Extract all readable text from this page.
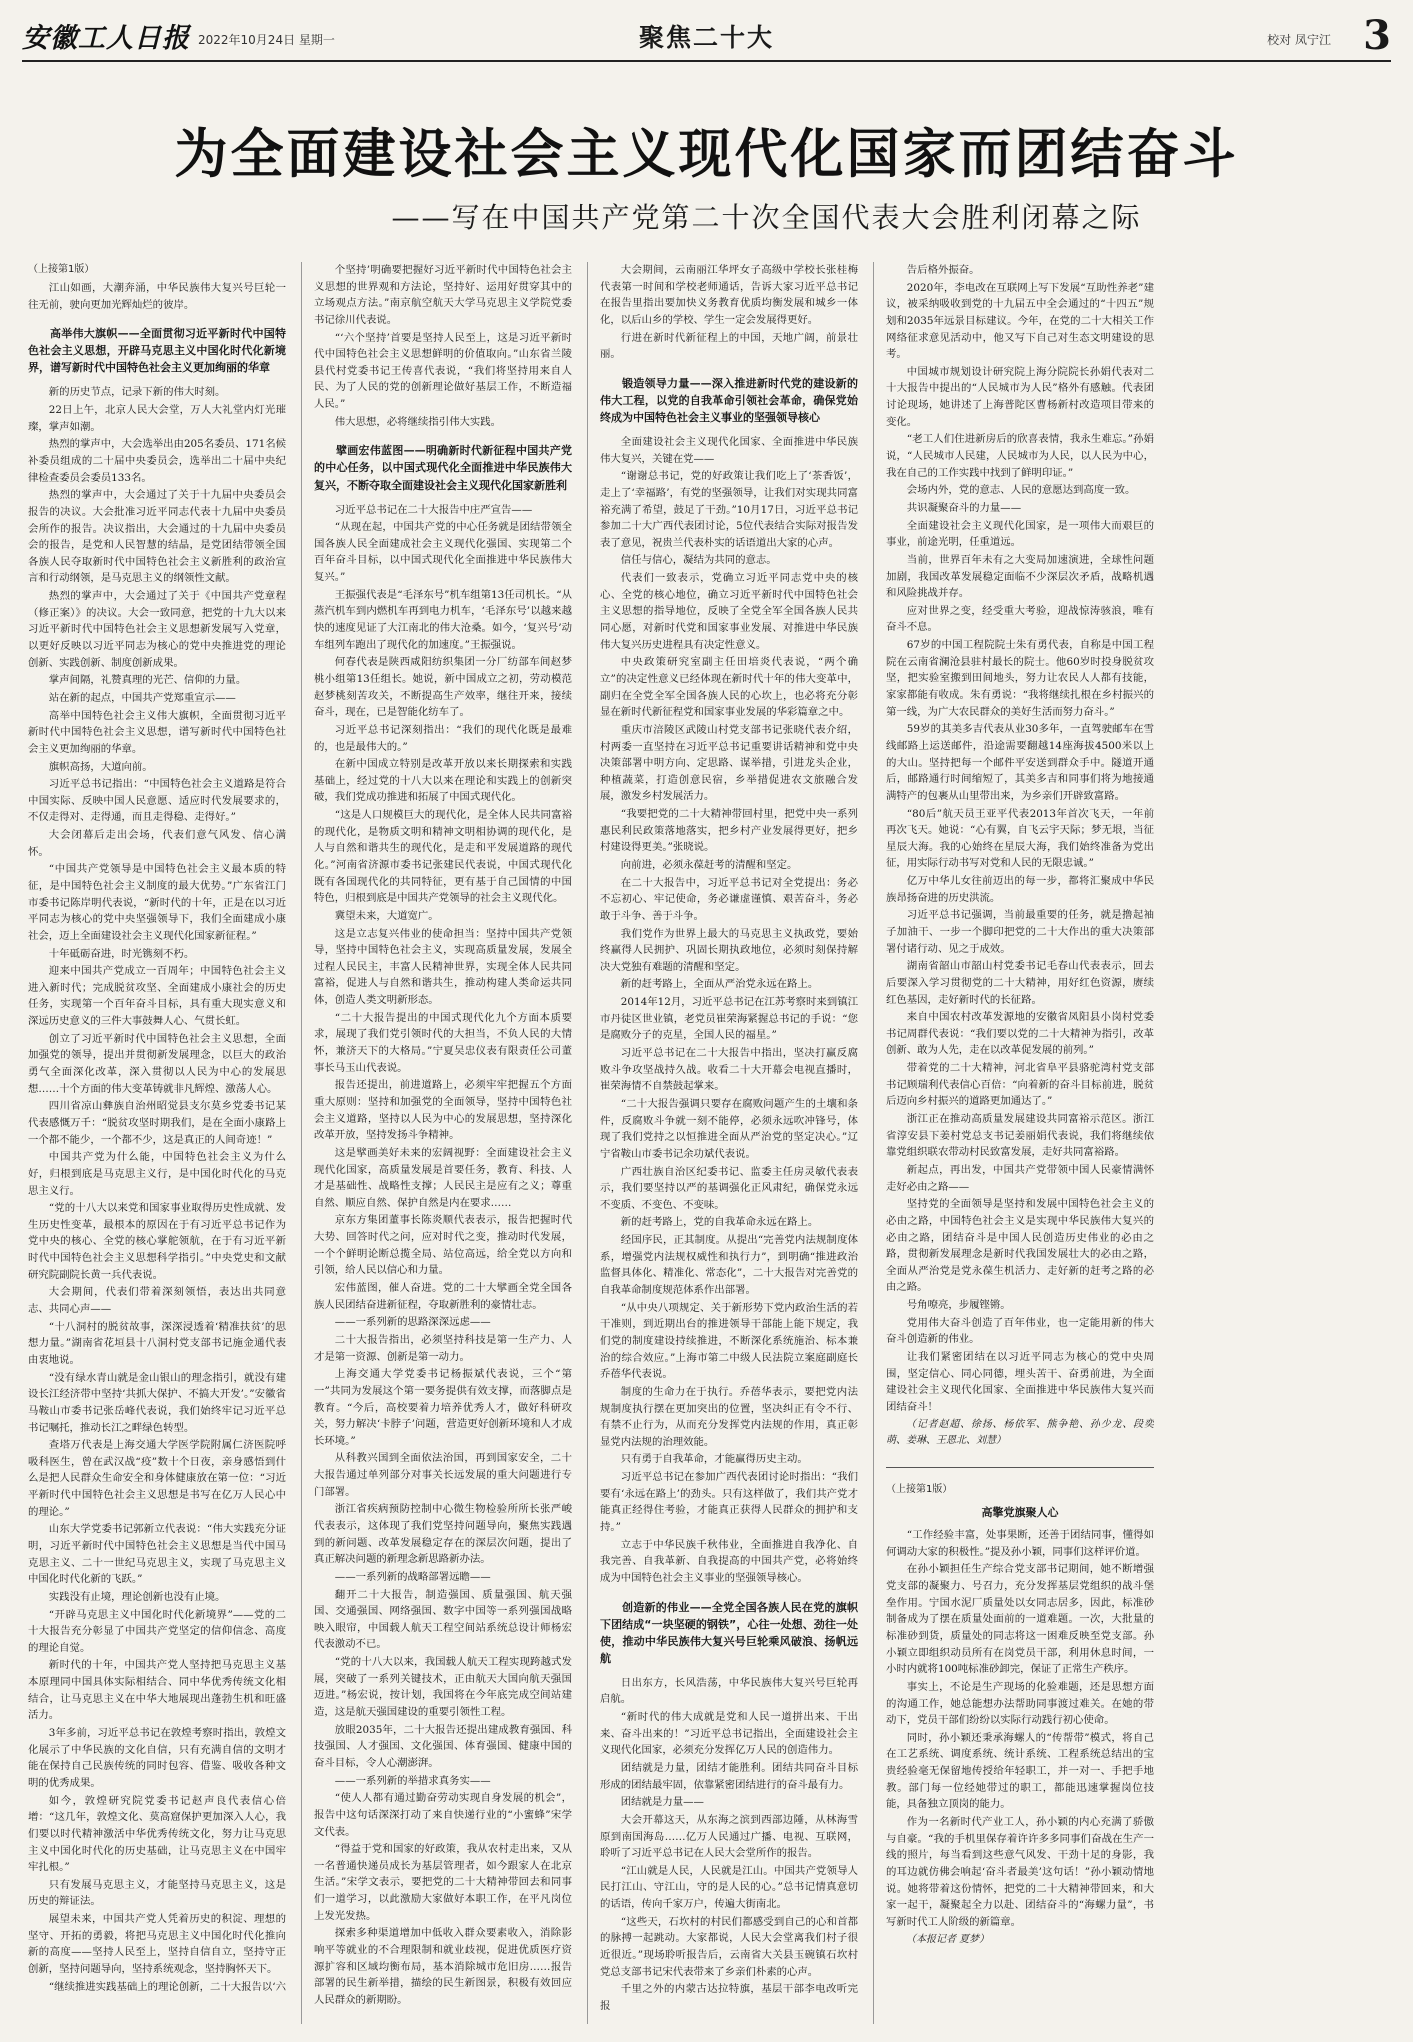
安徽工人日报 2022年10月24日 星期一	聚焦二十大	校对 凤宁江 3
为全面建设社会主义现代化国家而团结奋斗
——写在中国共产党第二十次全国代表大会胜利闭幕之际

（上接第1版）

江山如画，大潮奔涌，中华民族伟大复兴号巨轮一往无前，驶向更加光辉灿烂的彼岸。

高举伟大旗帜——全面贯彻习近平新时代中国特色社会主义思想，开辟马克思主义中国化时代化新境界，谱写新时代中国特色社会主义更加绚丽的华章

新的历史节点，记录下新的伟大时刻。

22日上午，北京人民大会堂，万人大礼堂内灯光璀璨，掌声如潮。

热烈的掌声中，大会选举出由205名委员、171名候补委员组成的二十届中央委员会，选举出二十届中央纪律检查委员会委员133名。

热烈的掌声中，大会通过了关于十九届中央委员会报告的决议。大会批准习近平同志代表十九届中央委员会所作的报告。决议指出，大会通过的十九届中央委员会的报告，是党和人民智慧的结晶，是党团结带领全国各族人民夺取新时代中国特色社会主义新胜利的政治宣言和行动纲领，是马克思主义的纲领性文献。

热烈的掌声中，大会通过了关于《中国共产党章程（修正案）》的决议。大会一致同意，把党的十九大以来习近平新时代中国特色社会主义思想新发展写入党章，以更好反映以习近平同志为核心的党中央推进党的理论创新、实践创新、制度创新成果。

掌声间隔，礼赞真理的光芒、信仰的力量。

站在新的起点，中国共产党郑重宣示——

高举中国特色社会主义伟大旗帜，全面贯彻习近平新时代中国特色社会主义思想，谱写新时代中国特色社会主义更加绚丽的华章。

旗帜高扬，大道向前。

习近平总书记指出：“中国特色社会主义道路是符合中国实际、反映中国人民意愿、适应时代发展要求的，不仅走得对、走得通，而且走得稳、走得好。”

大会闭幕后走出会场，代表们意气风发、信心满怀。

“中国共产党领导是中国特色社会主义最本质的特征，是中国特色社会主义制度的最大优势。”广东省江门市委书记陈岸明代表说，“新时代的十年，正是在以习近平同志为核心的党中央坚强领导下，我们全面建成小康社会，迈上全面建设社会主义现代化国家新征程。”

十年砥砺奋进，时光镌刻不朽。

迎来中国共产党成立一百周年；中国特色社会主义进入新时代；完成脱贫攻坚、全面建成小康社会的历史任务，实现第一个百年奋斗目标，具有重大现实意义和深远历史意义的三件大事鼓舞人心、气贯长虹。

创立了习近平新时代中国特色社会主义思想，全面加强党的领导，提出并贯彻新发展理念，以巨大的政治勇气全面深化改革，深入贯彻以人民为中心的发展思想……十个方面的伟大变革铸就非凡辉煌、激荡人心。

四川省凉山彝族自治州昭觉县支尔莫乡党委书记某代表感慨万千：“脱贫攻坚时期我们，是在全面小康路上一个都不能少，一个都不少，这是真正的人间奇迹！”

中国共产党为什么能，中国特色社会主义为什么好，归根到底是马克思主义行，是中国化时代化的马克思主义行。

“党的十八大以来党和国家事业取得历史性成就、发生历史性变革，最根本的原因在于有习近平总书记作为党中央的核心、全党的核心掌舵领航，在于有习近平新时代中国特色社会主义思想科学指引。”中央党史和文献研究院副院长黄一兵代表说。

大会期间，代表们带着深刻领悟，表达出共同意志、共同心声——

“十八洞村的脱贫故事，深深浸透着‘精准扶贫’的思想力量。”湖南省花垣县十八洞村党支部书记施金通代表由衷地说。

“没有绿水青山就是金山银山的理念指引，就没有建设长江经济带中坚持‘共抓大保护、不搞大开发’。”安徽省马鞍山市委书记张岳峰代表说，我们始终牢记习近平总书记嘱托，推动长江之畔绿色转型。

查塔万代表是上海交通大学医学院附属仁济医院呼吸科医生，曾在武汉战“疫”数十个日夜，亲身感悟到什么是把人民群众生命安全和身体健康放在第一位：“习近平新时代中国特色社会主义思想是书写在亿万人民心中的理论。”

山东大学党委书记郭新立代表说：“伟大实践充分证明，习近平新时代中国特色社会主义思想是当代中国马克思主义、二十一世纪马克思主义，实现了马克思主义中国化时代化新的飞跃。”

实践没有止境，理论创新也没有止境。

“开辟马克思主义中国化时代化新境界”——党的二十大报告充分彰显了中国共产党坚定的信仰信念、高度的理论自觉。

新时代的十年，中国共产党人坚持把马克思主义基本原理同中国具体实际相结合、同中华优秀传统文化相结合，让马克思主义在中华大地展现出蓬勃生机和旺盛活力。

3年多前，习近平总书记在敦煌考察时指出，敦煌文化展示了中华民族的文化自信，只有充满自信的文明才能在保持自己民族传统的同时包容、借鉴、吸收各种文明的优秀成果。

如今，敦煌研究院党委书记赵声良代表信心倍增：“这几年，敦煌文化、莫高窟保护更加深入人心，我们要以时代精神激活中华优秀传统文化，努力让马克思主义中国化时代化的历史基础，让马克思主义在中国牢牢扎根。”

只有发展马克思主义，才能坚持马克思主义，这是历史的辩证法。

展望未来，中国共产党人凭着历史的积淀、理想的坚守、开拓的勇毅，将把马克思主义中国化时代化推向新的高度——坚持人民至上，坚持自信自立，坚持守正创新，坚持问题导向，坚持系统观念，坚持胸怀天下。

“继续推进实践基础上的理论创新，二十大报告以‘六

个坚持’明确要把握好习近平新时代中国特色社会主义思想的世界观和方法论，坚持好、运用好贯穿其中的立场观点方法。”南京航空航天大学马克思主义学院党委书记徐川代表说。

“‘六个坚持’首要是坚持人民至上，这是习近平新时代中国特色社会主义思想鲜明的价值取向。”山东省兰陵县代村党委书记王传喜代表说，“我们将坚持用来自人民、为了人民的党的创新理论做好基层工作，不断造福人民。”

伟大思想，必将继续指引伟大实践。

擘画宏伟蓝图——明确新时代新征程中国共产党的中心任务，以中国式现代化全面推进中华民族伟大复兴，不断夺取全面建设社会主义现代化国家新胜利

习近平总书记在二十大报告中庄严宣告——

“从现在起，中国共产党的中心任务就是团结带领全国各族人民全面建成社会主义现代化强国、实现第二个百年奋斗目标，以中国式现代化全面推进中华民族伟大复兴。”

王振强代表是“毛泽东号”机车组第13任司机长。“从蒸汽机车到内燃机车再到电力机车，‘毛泽东号’以越来越快的速度见证了大江南北的伟大沧桑。如今，‘复兴号’动车组列车跑出了现代化的加速度。”王振强说。

何春代表是陕西咸阳纺织集团一分厂纺部车间赵梦桃小组第13任组长。她说，新中国成立之初，劳动模范赵梦桃刻苦攻关，不断提高生产效率，继往开来，接续奋斗，现在，已是智能化纺车了。

习近平总书记深刻指出：“我们的现代化既是最难的，也是最伟大的。”

在新中国成立特别是改革开放以来长期探索和实践基础上，经过党的十八大以来在理论和实践上的创新突破，我们党成功推进和拓展了中国式现代化。

“这是人口规模巨大的现代化，是全体人民共同富裕的现代化，是物质文明和精神文明相协调的现代化，是人与自然和谐共生的现代化，是走和平发展道路的现代化。”河南省济源市委书记张建民代表说，中国式现代化既有各国现代化的共同特征，更有基于自己国情的中国特色，归根到底是中国共产党领导的社会主义现代化。

冀望未来，大道宽广。

这是立志复兴伟业的使命担当：坚持中国共产党领导，坚持中国特色社会主义，实现高质量发展，发展全过程人民民主，丰富人民精神世界，实现全体人民共同富裕，促进人与自然和谐共生，推动构建人类命运共同体，创造人类文明新形态。

“二十大报告提出的中国式现代化九个方面本质要求，展现了我们党引领时代的大担当，不负人民的大情怀，兼济天下的大格局。”宁夏吴忠仪表有限责任公司董事长马玉山代表说。

报告还提出，前进道路上，必须牢牢把握五个方面重大原则：坚持和加强党的全面领导，坚持中国特色社会主义道路，坚持以人民为中心的发展思想，坚持深化改革开放，坚持发扬斗争精神。

这是擘画美好未来的宏阔视野：全面建设社会主义现代化国家，高质量发展是首要任务，教育、科技、人才是基础性、战略性支撑；人民民主是应有之义；尊重自然、顺应自然、保护自然是内在要求……

京东方集团董事长陈炎顺代表表示，报告把握时代大势、回答时代之问，应对时代之变，推动时代发展，一个个鲜明论断总揽全局、站位高远，给全党以方向和引领，给人民以信心和力量。

宏伟蓝图，催人奋进。党的二十大擘画全党全国各族人民团结奋进新征程，夺取新胜利的豪情壮志。

——一系列新的思路深深远虑——

二十大报告指出，必须坚持科技是第一生产力、人才是第一资源、创新是第一动力。

上海交通大学党委书记杨振斌代表说，三个“第一”共同为发展这个第一要务提供有效支撑，而落脚点是教育。“今后，高校要着力培养优秀人才，做好科研攻关，努力解决‘卡脖子’问题，营造更好创新环境和人才成长环境。”

从科教兴国到全面依法治国，再到国家安全，二十大报告通过单列部分对事关长远发展的重大问题进行专门部署。

浙江省疾病预防控制中心微生物检验所所长张严峻代表表示，这体现了我们党坚持问题导向，聚焦实践遇到的新问题、改革发展稳定存在的深层次问题，提出了真正解决问题的新理念新思路新办法。

——一系列新的战略部署远瞻——

翻开二十大报告，制造强国、质量强国、航天强国、交通强国、网络强国、数字中国等一系列强国战略映入眼帘，中国载人航天工程空间站系统总设计师杨宏代表激动不已。

“党的十八大以来，我国载人航天工程实现跨越式发展，突破了一系列关键技术，正由航天大国向航天强国迈进。”杨宏说，按计划，我国将在今年底完成空间站建造，这是航天强国建设的重要引领性工程。

放眼2035年，二十大报告还提出建成教育强国、科技强国、人才强国、文化强国、体育强国、健康中国的奋斗目标，令人心潮澎湃。

——一系列新的举措求真务实——

“使人人都有通过勤奋劳动实现自身发展的机会”，报告中这句话深深打动了来自快递行业的“小蜜蜂”宋学文代表。

“得益于党和国家的好政策，我从农村走出来，又从一名普通快递员成长为基层管理者，如今跟家人在北京生活。”宋学文表示，要把党的二十大精神带回去和同事们一道学习，以此激励大家做好本职工作，在平凡岗位上发光发热。

探索多种渠道增加中低收入群众要素收入，消除影响平等就业的不合理限制和就业歧视，促进优质医疗资源扩容和区域均衡布局，基本消除城市危旧房……报告部署的民生新举措，描绘的民生新图景，积极有效回应人民群众的新期盼。

大会期间，云南丽江华坪女子高级中学校长张桂梅代表第一时间和学校老师通话，告诉大家习近平总书记在报告里指出要加快义务教育优质均衡发展和城乡一体化，以后山乡的学校、学生一定会发展得更好。

行进在新时代新征程上的中国，天地广阔，前景壮丽。

锻造领导力量——深入推进新时代党的建设新的伟大工程，以党的自我革命引领社会革命，确保党始终成为中国特色社会主义事业的坚强领导核心

全面建设社会主义现代化国家、全面推进中华民族伟大复兴，关键在党——

“谢谢总书记，党的好政策让我们吃上了‘茶香饭’，走上了‘幸福路’，有党的坚强领导，让我们对实现共同富裕充满了希望，鼓足了干劲。”10月17日，习近平总书记参加二十大广西代表团讨论，5位代表结合实际对报告发表了意见，祝贵兰代表朴实的话语道出大家的心声。

信任与信心，凝结为共同的意志。

代表们一致表示，党确立习近平同志党中央的核心、全党的核心地位，确立习近平新时代中国特色社会主义思想的指导地位，反映了全党全军全国各族人民共同心愿，对新时代党和国家事业发展、对推进中华民族伟大复兴历史进程具有决定性意义。

中央政策研究室副主任田培炎代表说，“两个确立”的决定性意义已经体现在新时代十年的伟大变革中，副归在全党全军全国各族人民的心坎上，也必将充分彰显在新时代新征程党和国家事业发展的华彩篇章之中。

重庆市涪陵区武陵山村党支部书记张晓代表介绍，村两委一直坚持在习近平总书记重要讲话精神和党中央决策部署中明方向、定思路、谋举措，引进龙头企业，种植蔬菜，打造创意民宿，乡举措促进农文旅融合发展，激发乡村发展活力。

“我要把党的二十大精神带回村里，把党中央一系列惠民利民政策落地落实，把乡村产业发展得更好，把乡村建设得更美。”张晓说。

向前进，必须永葆赶考的清醒和坚定。

在二十大报告中，习近平总书记对全党提出：务必不忘初心、牢记使命，务必谦虚谨慎、艰苦奋斗，务必敢于斗争、善于斗争。

我们党作为世界上最大的马克思主义执政党，要始终赢得人民拥护、巩固长期执政地位，必须时刻保持解决大党独有难题的清醒和坚定。

新的赶考路上，全面从严治党永远在路上。

2014年12月，习近平总书记在江苏考察时来到镇江市丹徒区世业镇，老党员崔荣海紧握总书记的手说：“您是腐败分子的克星，全国人民的福星。”

习近平总书记在二十大报告中指出，坚决打赢反腐败斗争攻坚战持久战。收看二十大开幕会电视直播时，崔荣海情不自禁鼓起掌来。

“二十大报告强调只要存在腐败问题产生的土壤和条件，反腐败斗争就一刻不能停，必须永远吹冲锋号，体现了我们党持之以恒推进全面从严治党的坚定决心。”辽宁省鞍山市委书记余功斌代表说。

广西壮族自治区纪委书记、监委主任房灵敏代表表示，我们要坚持以严的基调强化正风肃纪，确保党永远不变质、不变色、不变味。

新的赶考路上，党的自我革命永远在路上。

经国序民，正其制度。从提出“完善党内法规制度体系，增强党内法规权威性和执行力”，到明确“推进政治监督具体化、精准化、常态化”，二十大报告对完善党的自我革命制度规范体系作出部署。

“从中央八项规定、关于新形势下党内政治生活的若干准则，到近期出台的推进领导干部能上能下规定，我们党的制度建设持续推进，不断深化系统施治、标本兼治的综合效应。”上海市第二中级人民法院立案庭副庭长乔蓓华代表说。

制度的生命力在于执行。乔蓓华表示，要把党内法规制度执行摆在更加突出的位置，坚决纠正有令不行、有禁不止行为，从而充分发挥党内法规的作用，真正彰显党内法规的治理效能。

只有勇于自我革命，才能赢得历史主动。

习近平总书记在参加广西代表团讨论时指出：“我们要有‘永远在路上’的劲头。只有这样做了，我们共产党才能真正经得住考验，才能真正获得人民群众的拥护和支持。”

立志于中华民族千秋伟业，全面推进自我净化、自我完善、自我革新、自我提高的中国共产党，必将始终成为中国特色社会主义事业的坚强领导核心。

创造新的伟业——全党全国各族人民在党的旗帜下团结成“一块坚硬的钢铁”，心往一处想、劲往一处使，推动中华民族伟大复兴号巨轮乘风破浪、扬帆远航

日出东方，长风浩荡，中华民族伟大复兴号巨轮再启航。

“新时代的伟大成就是党和人民一道拼出来、干出来、奋斗出来的！”习近平总书记指出，全面建设社会主义现代化国家，必须充分发挥亿万人民的创造伟力。

团结就是力量，团结才能胜利。团结共同奋斗目标形成的团结最牢固，依靠紧密团结进行的奋斗最有力。

团结就是力量——

大会开幕这天，从东海之滨到西部边陲，从林海雪原到南国海岛……亿万人民通过广播、电视、互联网，聆听了习近平总书记在人民大会堂所作的报告。

“江山就是人民，人民就是江山。中国共产党领导人民打江山、守江山，守的是人民的心。”总书记情真意切的话语，传向千家万户，传遍大街南北。

“这些天，石坎村的村民们都感受到自己的心和首都的脉搏一起跳动。大家都说，人民大会堂离我们村子很近很近。”现场聆听报告后，云南省大关县玉碗镇石坎村党总支部书记宋代表带来了乡亲们朴素的心声。

千里之外的内蒙古达拉特旗，基层干部李电改听完报

告后格外振奋。

2020年，李电改在互联网上写下发展“互助性养老”建议，被采纳吸收到党的十九届五中全会通过的“十四五”规划和2035年远景目标建议。今年，在党的二十大相关工作网络征求意见活动中，他又写下自己对生态文明建设的思考。

中国城市规划设计研究院上海分院院长孙娟代表对二十大报告中提出的“人民城市为人民”格外有感触。代表团讨论现场，她讲述了上海普陀区曹杨新村改造项目带来的变化。

“老工人们住进新房后的欣喜表情，我永生难忘。”孙娟说，“人民城市人民建，人民城市为人民，以人民为中心，我在自己的工作实践中找到了鲜明印证。”

会场内外，党的意志、人民的意愿达到高度一致。

共识凝聚奋斗的力量——

全面建设社会主义现代化国家，是一项伟大而艰巨的事业，前途光明，任重道远。

当前，世界百年未有之大变局加速演进，全球性问题加剧，我国改革发展稳定面临不少深层次矛盾，战略机遇和风险挑战并存。

应对世界之变，经受重大考验，迎战惊涛骇浪，唯有奋斗不息。

67岁的中国工程院院士朱有勇代表，自称是中国工程院在云南省澜沧县驻村最长的院士。他60岁时投身脱贫攻坚，把实验室搬到田间地头，努力让农民人人都有技能，家家都能有收成。朱有勇说：“我将继续扎根在乡村振兴的第一线，为广大农民群众的美好生活而努力奋斗。”

59岁的其美多吉代表从业30多年，一直驾驶邮车在雪线邮路上运送邮件，沿途需要翻越14座海拔4500米以上的大山。坚持把每一个邮件平安送到群众手中。隧道开通后，邮路通行时间缩短了，其美多吉和同事们将为地接通满特产的包裹从山里带出来，为乡亲们开辟致富路。

“80后”航天员王亚平代表2013年首次飞天，一年前再次飞天。她说：“心有翼，自飞云宇天际；梦无垠，当征星辰大海。我的心始终在星辰大海，我们始终准备为党出征，用实际行动书写对党和人民的无限忠诚。”

亿万中华儿女往前迈出的每一步，都将汇聚成中华民族昂扬奋进的历史洪流。

习近平总书记强调，当前最重要的任务，就是撸起袖子加油干、一步一个脚印把党的二十大作出的重大决策部署付诸行动、见之于成效。

湖南省韶山市韶山村党委书记毛春山代表表示，回去后要深入学习贯彻党的二十大精神，用好红色资源，赓续红色基因，走好新时代的长征路。

来自中国农村改革发源地的安徽省凤阳县小岗村党委书记周群代表说：“我们要以党的二十大精神为指引，改革创新、敢为人先，走在以改革促发展的前列。”

带着党的二十大精神，河北省阜平县骆驼湾村党支部书记顾瑞利代表信心百倍：“向着新的奋斗目标前进，脱贫后迈向乡村振兴的道路更加通达了。”

浙江正在推动高质量发展建设共同富裕示范区。浙江省淳安县下姜村党总支书记姜丽娟代表说，我们将继续依靠党组织联农带动村民致富发展，走好共同富裕路。

新起点，再出发，中国共产党带领中国人民豪情满怀走好必由之路——

坚持党的全面领导是坚持和发展中国特色社会主义的必由之路，中国特色社会主义是实现中华民族伟大复兴的必由之路，团结奋斗是中国人民创造历史伟业的必由之路，贯彻新发展理念是新时代我国发展壮大的必由之路，全面从严治党是党永葆生机活力、走好新的赶考之路的必由之路。

号角嘹亮，步履铿锵。

党用伟大奋斗创造了百年伟业，也一定能用新的伟大奋斗创造新的伟业。

让我们紧密团结在以习近平同志为核心的党中央周围，坚定信心、同心同德，埋头苦干、奋勇前进，为全面建设社会主义现代化国家、全面推进中华民族伟大复兴而团结奋斗！

（记者赵超、徐扬、杨依军、熊争艳、孙少龙、段奕萌、姜琳、王恩北、刘慧）

（上接第1版）

高擎党旗聚人心

“工作经验丰富，处事果断，还善于团结同事，懂得如何调动大家的积极性。”提及孙小颖，同事们这样评价道。

在孙小颖担任生产综合党支部书记期间，她不断增强党支部的凝聚力、号召力，充分发挥基层党组织的战斗堡垒作用。宁国水泥厂质量处以女同志居多，因此，标准砂制备成为了摆在质量处面前的一道难题。一次，大批量的标准砂到货，质量处的同志将这一困难反映至党支部。孙小颖立即组织动员所有在岗党员干部，利用休息时间，一小时内就将100吨标准砂卸完，保证了正常生产秩序。

事实上，不论是生产现场的化验难题，还是思想方面的沟通工作，她总能想办法帮助同事渡过难关。在她的带动下，党员干部们纷纷以实际行动践行初心使命。

同时，孙小颖还秉承海螺人的“传帮带”模式，将自己在工艺系统、调度系统、统计系统、工程系统总结出的宝贵经验毫无保留地传授给年轻职工，并一对一、手把手地教。部门每一位经她带过的职工，都能迅速掌握岗位技能，具备独立顶岗的能力。

作为一名新时代产业工人，孙小颖的内心充满了骄傲与自豪。“我的手机里保存着许许多多同事们奋战在生产一线的照片，每当看到这些意气风发、干劲十足的身影，我的耳边就仿佛会响起‘奋斗者最美’这句话！”孙小颖动情地说。她将带着这份情怀，把党的二十大精神带回来，和大家一起干，凝聚起全力以赴、团结奋斗的“海螺力量”，书写新时代工人阶级的新篇章。

（本报记者 夏梦）
